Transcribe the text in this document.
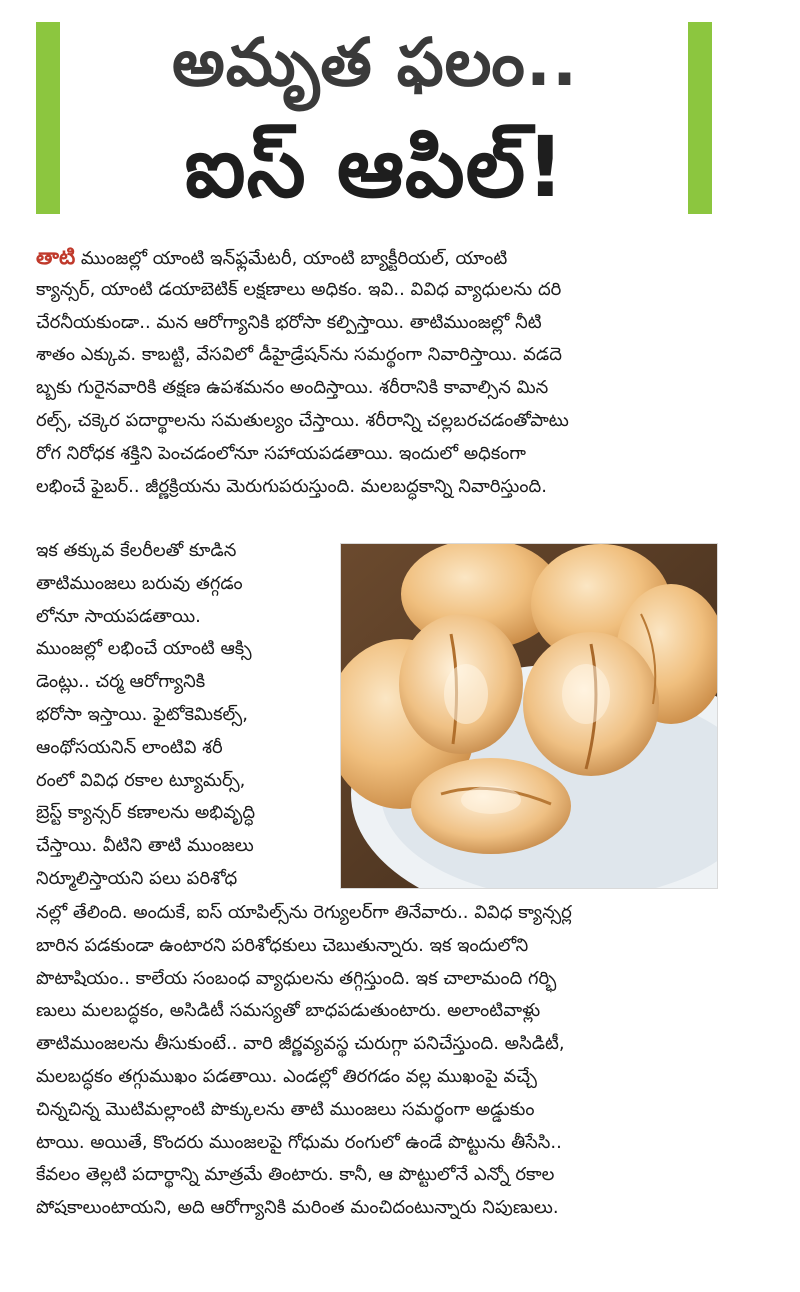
అమృత ఫలం..
ఐస్ ఆపిల్!
తాటి ముంజల్లో యాంటి ఇన్‌ఫ్లమేటరీ, యాంటి బ్యాక్టీరియల్, యాంటి
క్యాన్సర్, యాంటి డయాబెటిక్ లక్షణాలు అధికం. ఇవి.. వివిధ వ్యాధులను దరి
చేరనీయకుండా.. మన ఆరోగ్యానికి భరోసా కల్పిస్తాయి. తాటిముంజల్లో నీటి
శాతం ఎక్కువ. కాబట్టి, వేసవిలో డీహైడ్రేషన్‌ను సమర్థంగా నివారిస్తాయి. వడదె
బ్బకు గురైనవారికి తక్షణ ఉపశమనం అందిస్తాయి. శరీరానికి కావాల్సిన మిన
రల్స్, చక్కెర పదార్థాలను సమతుల్యం చేస్తాయి. శరీరాన్ని చల్లబరచడంతోపాటు
రోగ నిరోధక శక్తిని పెంచడంలోనూ సహాయపడతాయి. ఇందులో అధికంగా
లభించే ఫైబర్.. జీర్ణక్రియను మెరుగుపరుస్తుంది. మలబద్ధకాన్ని నివారిస్తుంది.
ఇక తక్కువ కేలరీలతో కూడిన
తాటిముంజలు బరువు తగ్గడం
లోనూ సాయపడతాయి.
ముంజల్లో లభించే యాంటి ఆక్సి
డెంట్లు.. చర్మ ఆరోగ్యానికి
భరోసా ఇస్తాయి. ఫైటోకెమికల్స్,
ఆంథోసయనిన్ లాంటివి శరీ
రంలో వివిధ రకాల ట్యూమర్స్,
బ్రెస్ట్ క్యాన్సర్ కణాలను అభివృద్ధి
చేస్తాయి. వీటిని తాటి ముంజలు
నిర్మూలిస్తాయని పలు పరిశోధ
నల్లో తేలింది. అందుకే, ఐస్ యాపిల్స్‌ను రెగ్యులర్‌గా తినేవారు.. వివిధ క్యాన్సర్ల
బారిన పడకుండా ఉంటారని పరిశోధకులు చెబుతున్నారు. ఇక ఇందులోని
పొటాషియం.. కాలేయ సంబంధ వ్యాధులను తగ్గిస్తుంది. ఇక చాలామంది గర్భి
ణులు మలబద్ధకం, అసిడిటీ సమస్యతో బాధపడుతుంటారు. అలాంటివాళ్లు
తాటిముంజలను తీసుకుంటే.. వారి జీర్ణవ్యవస్థ చురుగ్గా పనిచేస్తుంది. అసిడిటీ,
మలబద్ధకం తగ్గుముఖం పడతాయి. ఎండల్లో తిరగడం వల్ల ముఖంపై వచ్చే
చిన్నచిన్న మొటిమల్లాంటి పొక్కులను తాటి ముంజలు సమర్థంగా అడ్డుకుం
టాయి. అయితే, కొందరు ముంజలపై గోధుమ రంగులో ఉండే పొట్టును తీసేసి..
కేవలం తెల్లటి పదార్థాన్ని మాత్రమే తింటారు. కానీ, ఆ పొట్టులోనే ఎన్నో రకాల
పోషకాలుంటాయని, అది ఆరోగ్యానికి మరింత మంచిదంటున్నారు నిపుణులు.
